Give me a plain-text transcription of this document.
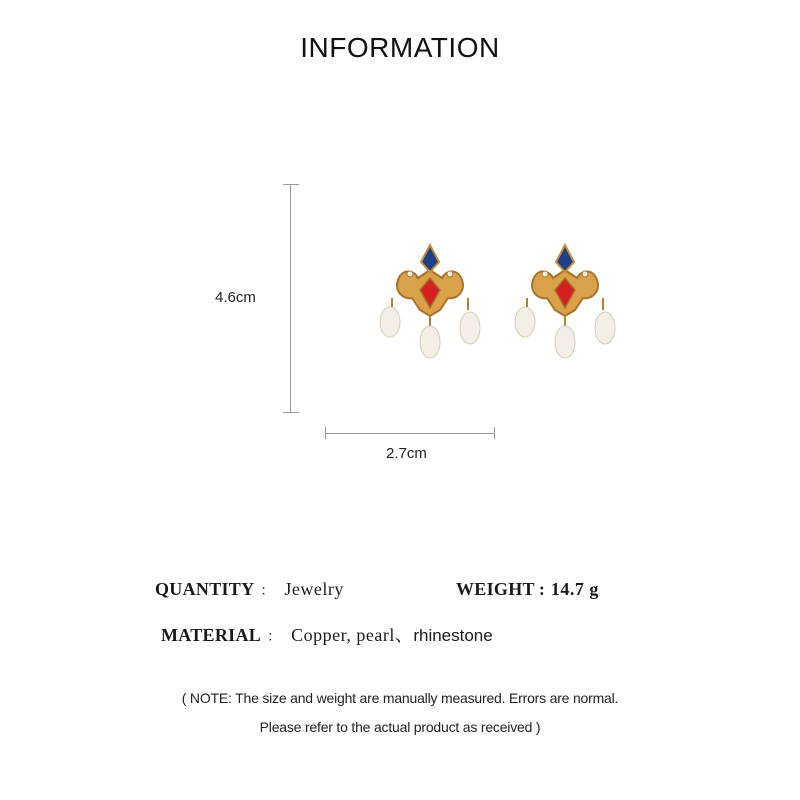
INFORMATION
4.6cm
2.7cm
QUANTITY ： Jewelry	WEIGHT : 14.7 g
MATERIAL ： Copper, pearl、rhinestone
( NOTE: The size and weight are manually measured. Errors are normal.
Please refer to the actual product as received )
